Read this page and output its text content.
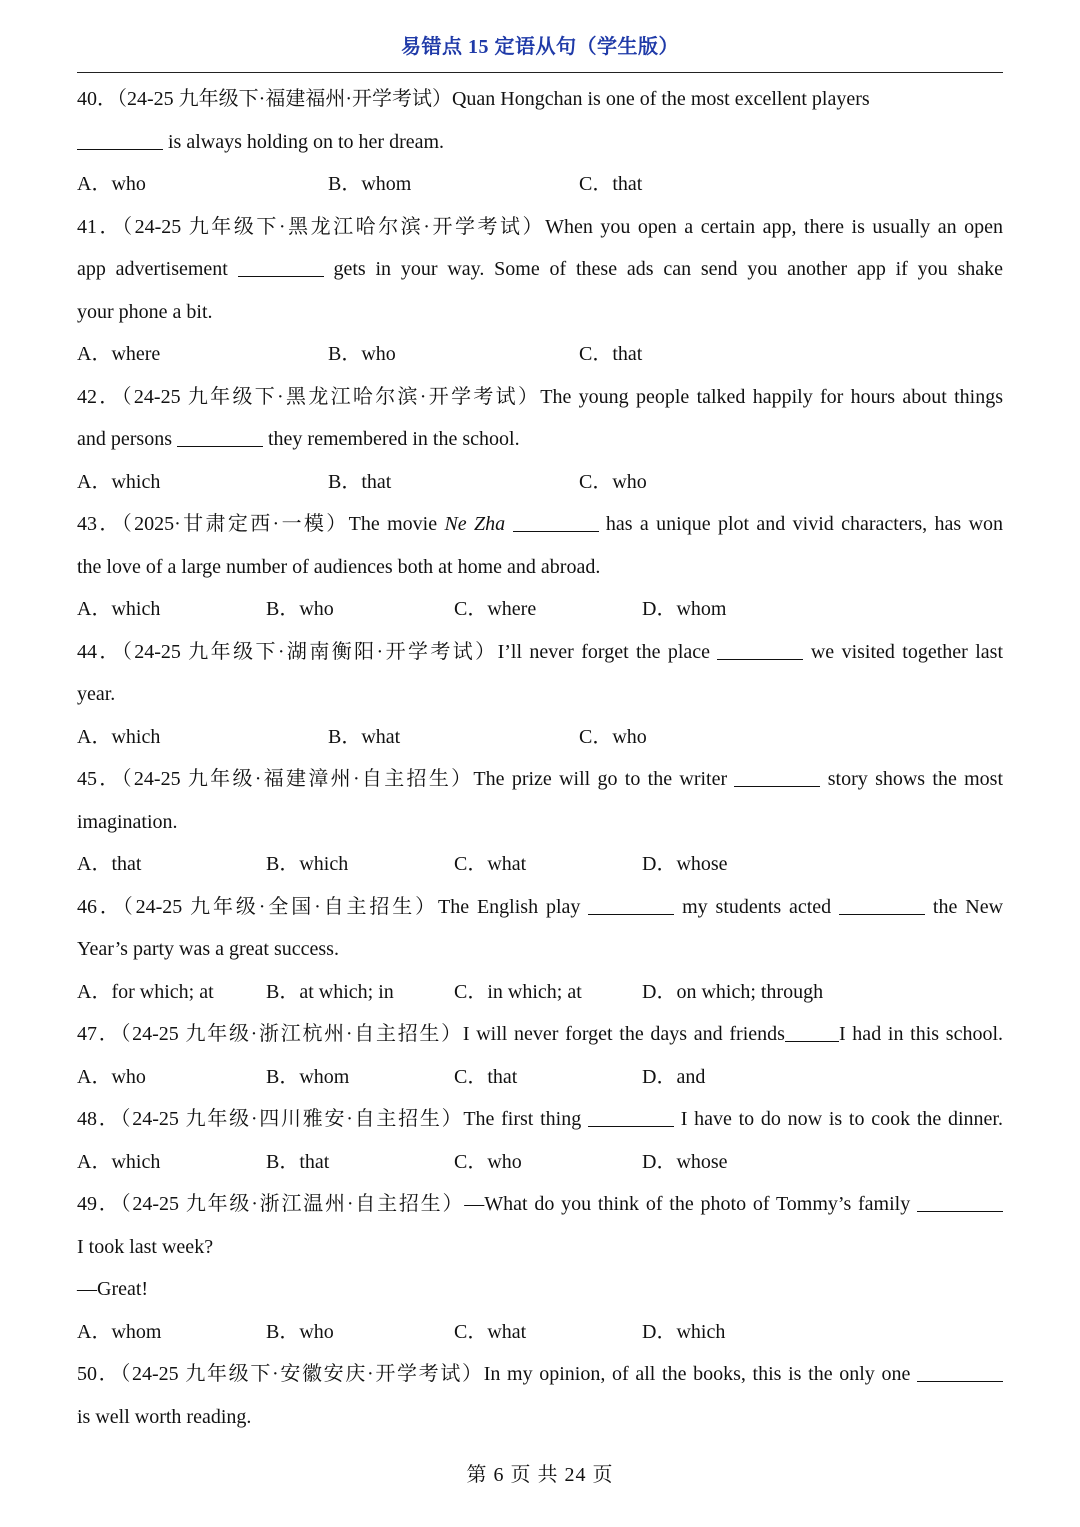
易错点 15 定语从句（学生版）
40．（24-25 九年级下·福建福州·开学考试）Quan Hongchan is one of the most excellent players
is always holding on to her dream.
A．who	B．whom	C．that
41．（24-25 九年级下·黑龙江哈尔滨·开学考试）When you open a certain app, there is usually an open
app advertisement	gets in your way. Some of these ads can send you another app if you shake
your phone a bit.
A．where	B．who	C．that
42．（24-25 九年级下·黑龙江哈尔滨·开学考试）The young people talked happily for hours about things
and persons	they remembered in the school.
A．which	B．that	C．who
43．（2025·甘肃定西·一模）The movie Ne Zha	has a unique plot and vivid characters, has won
the love of a large number of audiences both at home and abroad.
A．which	B．who	C．where	D．whom
44．（24-25 九年级下·湖南衡阳·开学考试）I’ll never forget the place	we visited together last
year.
A．which	B．what	C．who
45．（24-25 九年级·福建漳州·自主招生）The prize will go to the writer	story shows the most
imagination.
A．that	B．which	C．what	D．whose
46．（24-25 九年级·全国·自主招生）The English play	my students acted	the New
Year’s party was a great success.
A．for which; at	B．at which; in	C．in which; at	D．on which; through
47．（24-25 九年级·浙江杭州·自主招生）I will never forget the days and friends	I had in this school.
A．who	B．whom	C．that	D．and
48．（24-25 九年级·四川雅安·自主招生）The first thing	I have to do now is to cook the dinner.
A．which	B．that	C．who	D．whose
49．（24-25 九年级·浙江温州·自主招生）—What do you think of the photo of Tommy’s family
I took last week?
—Great!
A．whom	B．who	C．what	D．which
50．（24-25 九年级下·安徽安庆·开学考试）In my opinion, of all the books, this is the only one
is well worth reading.
第 6 页 共 24 页
